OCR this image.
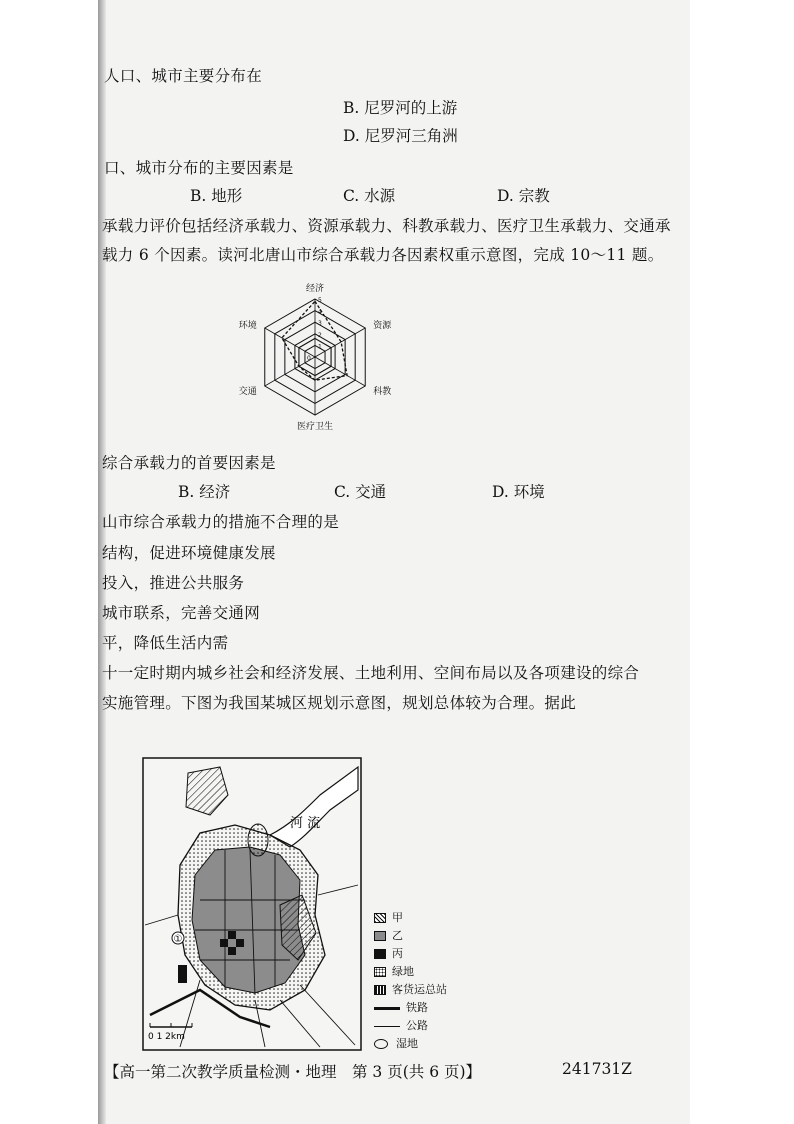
人口、城市主要分布在
B. 尼罗河的上游
D. 尼罗河三角洲
口、城市分布的主要因素是
B. 地形	C. 水源	D. 宗教
承载力评价包括经济承载力、资源承载力、科教承载力、医疗卫生承载力、交通承
载力 6 个因素。读河北唐山市综合承载力各因素权重示意图，完成 10～11 题。
1
2
3
4
5
0
经济
资源
科教
医疗卫生
交通
环境
综合承载力的首要因素是
B. 经济	C. 交通	D. 环境
山市综合承载力的措施不合理的是
结构，促进环境健康发展
投入，推进公共服务
城市联系，完善交通网
平，降低生活内需
十一定时期内城乡社会和经济发展、土地利用、空间布局以及各项建设的综合
实施管理。下图为我国某城区规划示意图，规划总体较为合理。据此
①
河 流
0 1 2km
甲
乙
丙
绿地
客货运总站
铁路
公路
湿地
【高一第二次教学质量检测・地理　第 3 页(共 6 页)】	241731Z
